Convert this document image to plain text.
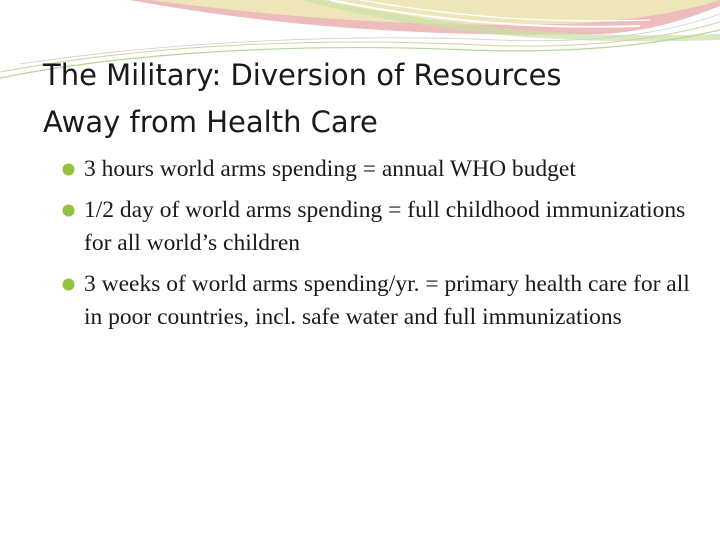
The Military: Diversion of Resources
Away from Health Care
3 hours world arms spending = annual WHO budget
1/2 day of world arms spending = full childhood immunizations for all world’s children
3 weeks of world arms spending/yr. = primary health care for all in poor countries, incl. safe water and full immunizations
